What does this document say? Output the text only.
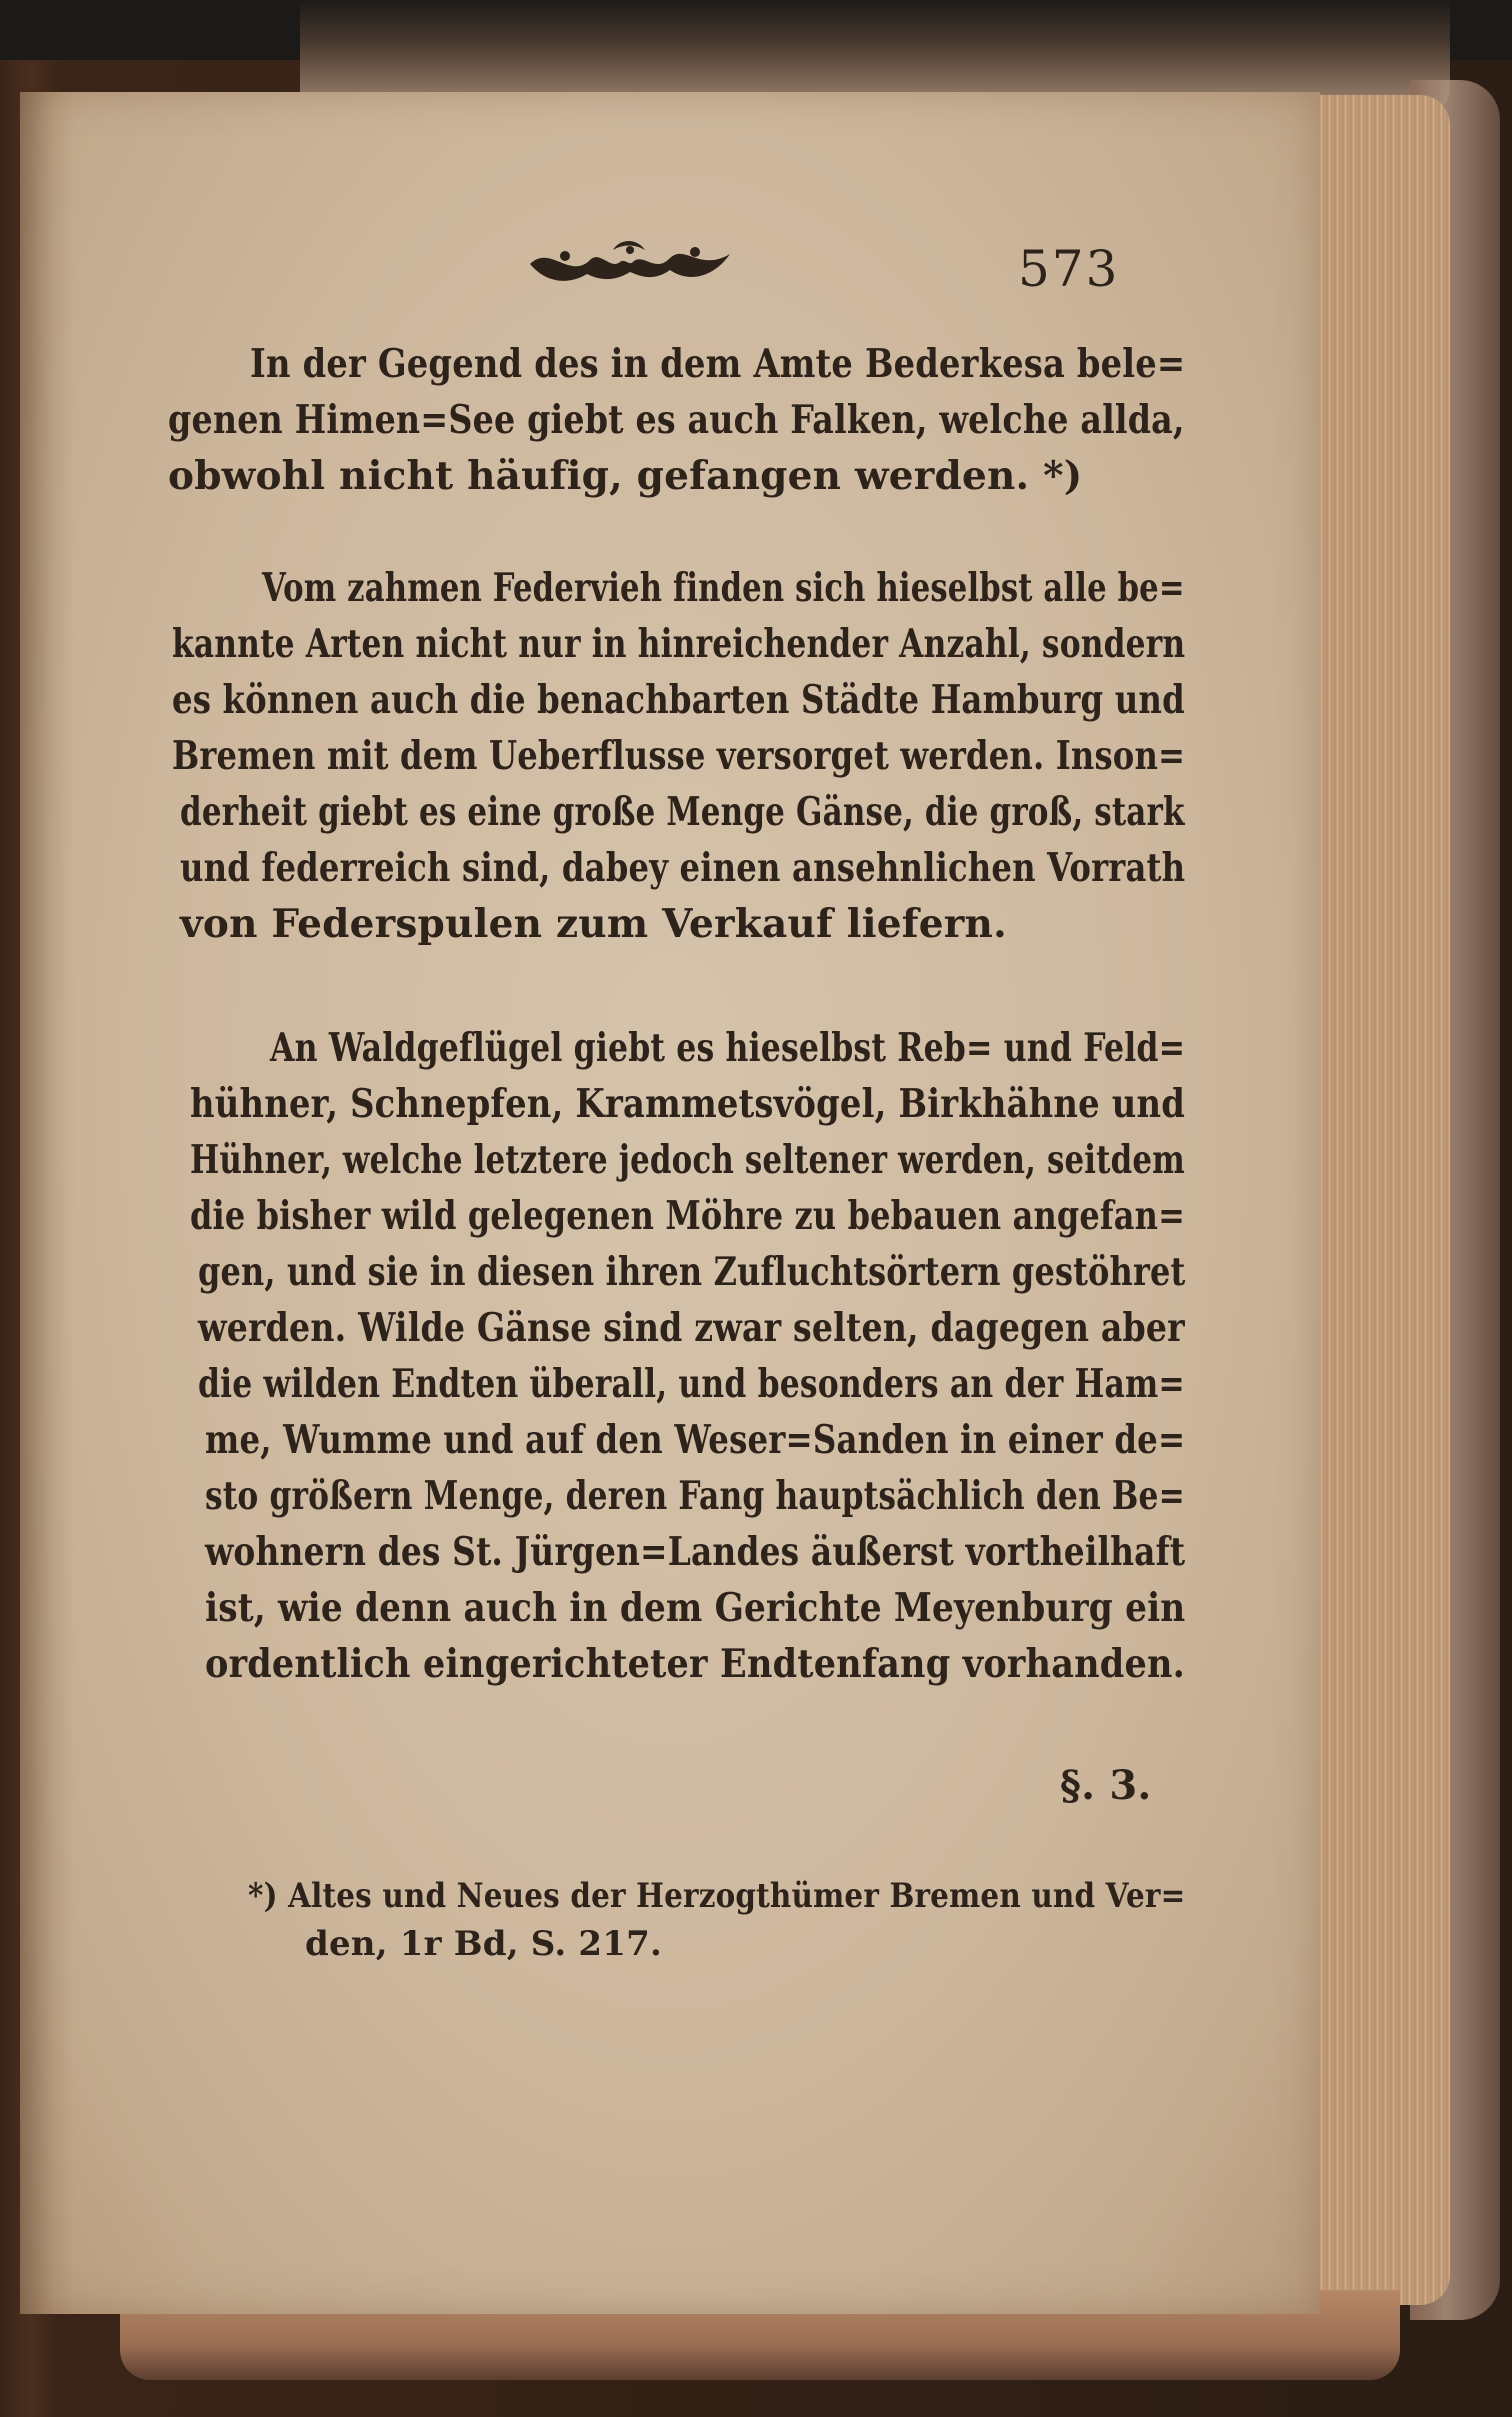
573
In der Gegend des in dem Amte Bederkesa bele=
genen Himen=See giebt es auch Falken, welche allda,
obwohl nicht häufig, gefangen werden. *)
Vom zahmen Federvieh finden sich hieselbst alle be=
kannte Arten nicht nur in hinreichender Anzahl, sondern
es können auch die benachbarten Städte Hamburg und
Bremen mit dem Ueberflusse versorget werden. Inson=
derheit giebt es eine große Menge Gänse, die groß, stark
und federreich sind, dabey einen ansehnlichen Vorrath
von Federspulen zum Verkauf liefern.
An Waldgeflügel giebt es hieselbst Reb= und Feld=
hühner, Schnepfen, Krammetsvögel, Birkhähne und
Hühner, welche letztere jedoch seltener werden, seitdem
die bisher wild gelegenen Möhre zu bebauen angefan=
gen, und sie in diesen ihren Zufluchtsörtern gestöhret
werden. Wilde Gänse sind zwar selten, dagegen aber
die wilden Endten überall, und besonders an der Ham=
me, Wumme und auf den Weser=Sanden in einer de=
sto größern Menge, deren Fang hauptsächlich den Be=
wohnern des St. Jürgen=Landes äußerst vortheilhaft
ist, wie denn auch in dem Gerichte Meyenburg ein
ordentlich eingerichteter Endtenfang vorhanden.
§. 3.
*) Altes und Neues der Herzogthümer Bremen und Ver=
den, 1r Bd, S. 217.
